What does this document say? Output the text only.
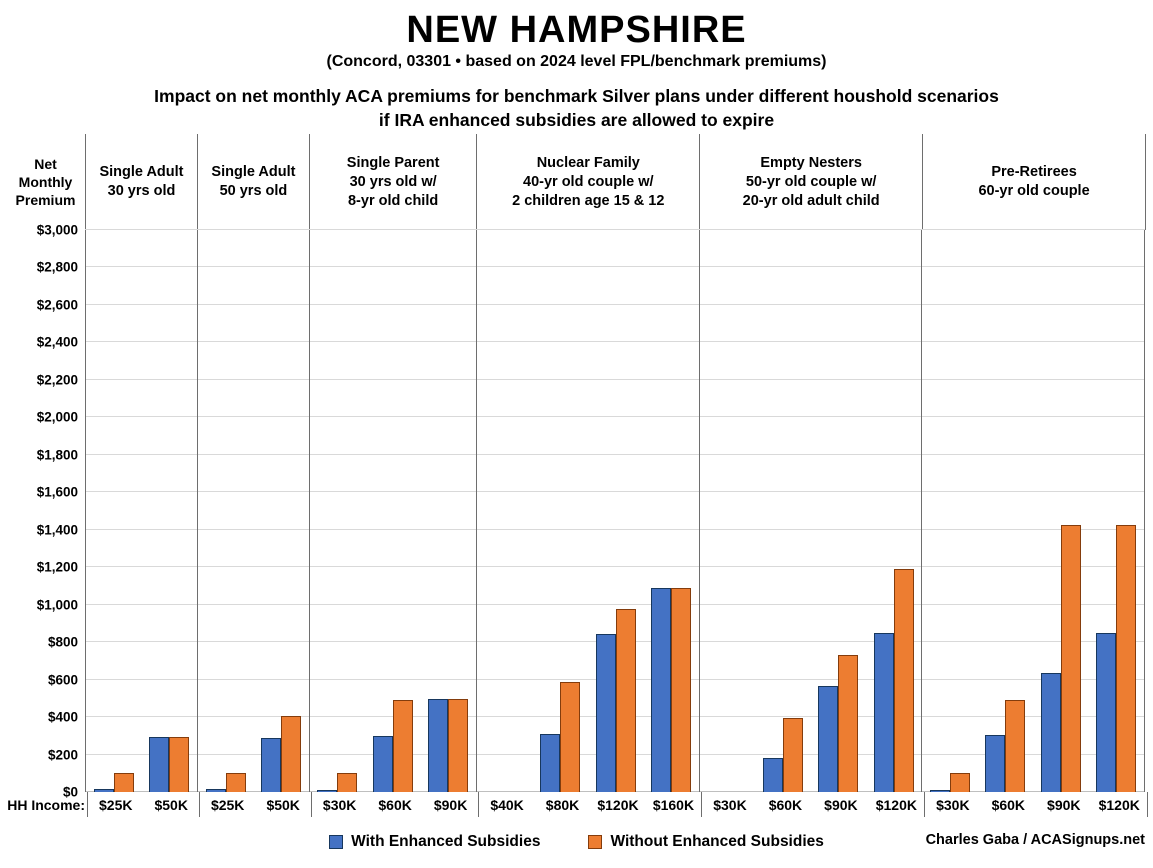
NEW HAMPSHIRE
(Concord, 03301 • based on 2024 level FPL/benchmark premiums)
Impact on net monthly ACA premiums for benchmark Silver plans under different houshold scenarios
if IRA enhanced subsidies are allowed to expire
Net
Monthly
Premium
Single Adult
30 yrs old
Single Adult
50 yrs old
Single Parent
30 yrs old w/
8-yr old child
Nuclear Family
40-yr old couple w/
2 children age 15 & 12
Empty Nesters
50-yr old couple w/
20-yr old adult child
Pre-Retirees
60-yr old couple
$0
$200
$400
$600
$800
$1,000
$1,200
$1,400
$1,600
$1,800
$2,000
$2,200
$2,400
$2,600
$2,800
$3,000
HH Income:	$25K	$50K	$25K	$50K	$30K	$60K	$90K	$40K	$80K	$120K	$160K	$30K	$60K	$90K	$120K	$30K	$60K	$90K	$120K
With Enhanced Subsidies	Without Enhanced Subsidies	Charles Gaba / ACASignups.net
